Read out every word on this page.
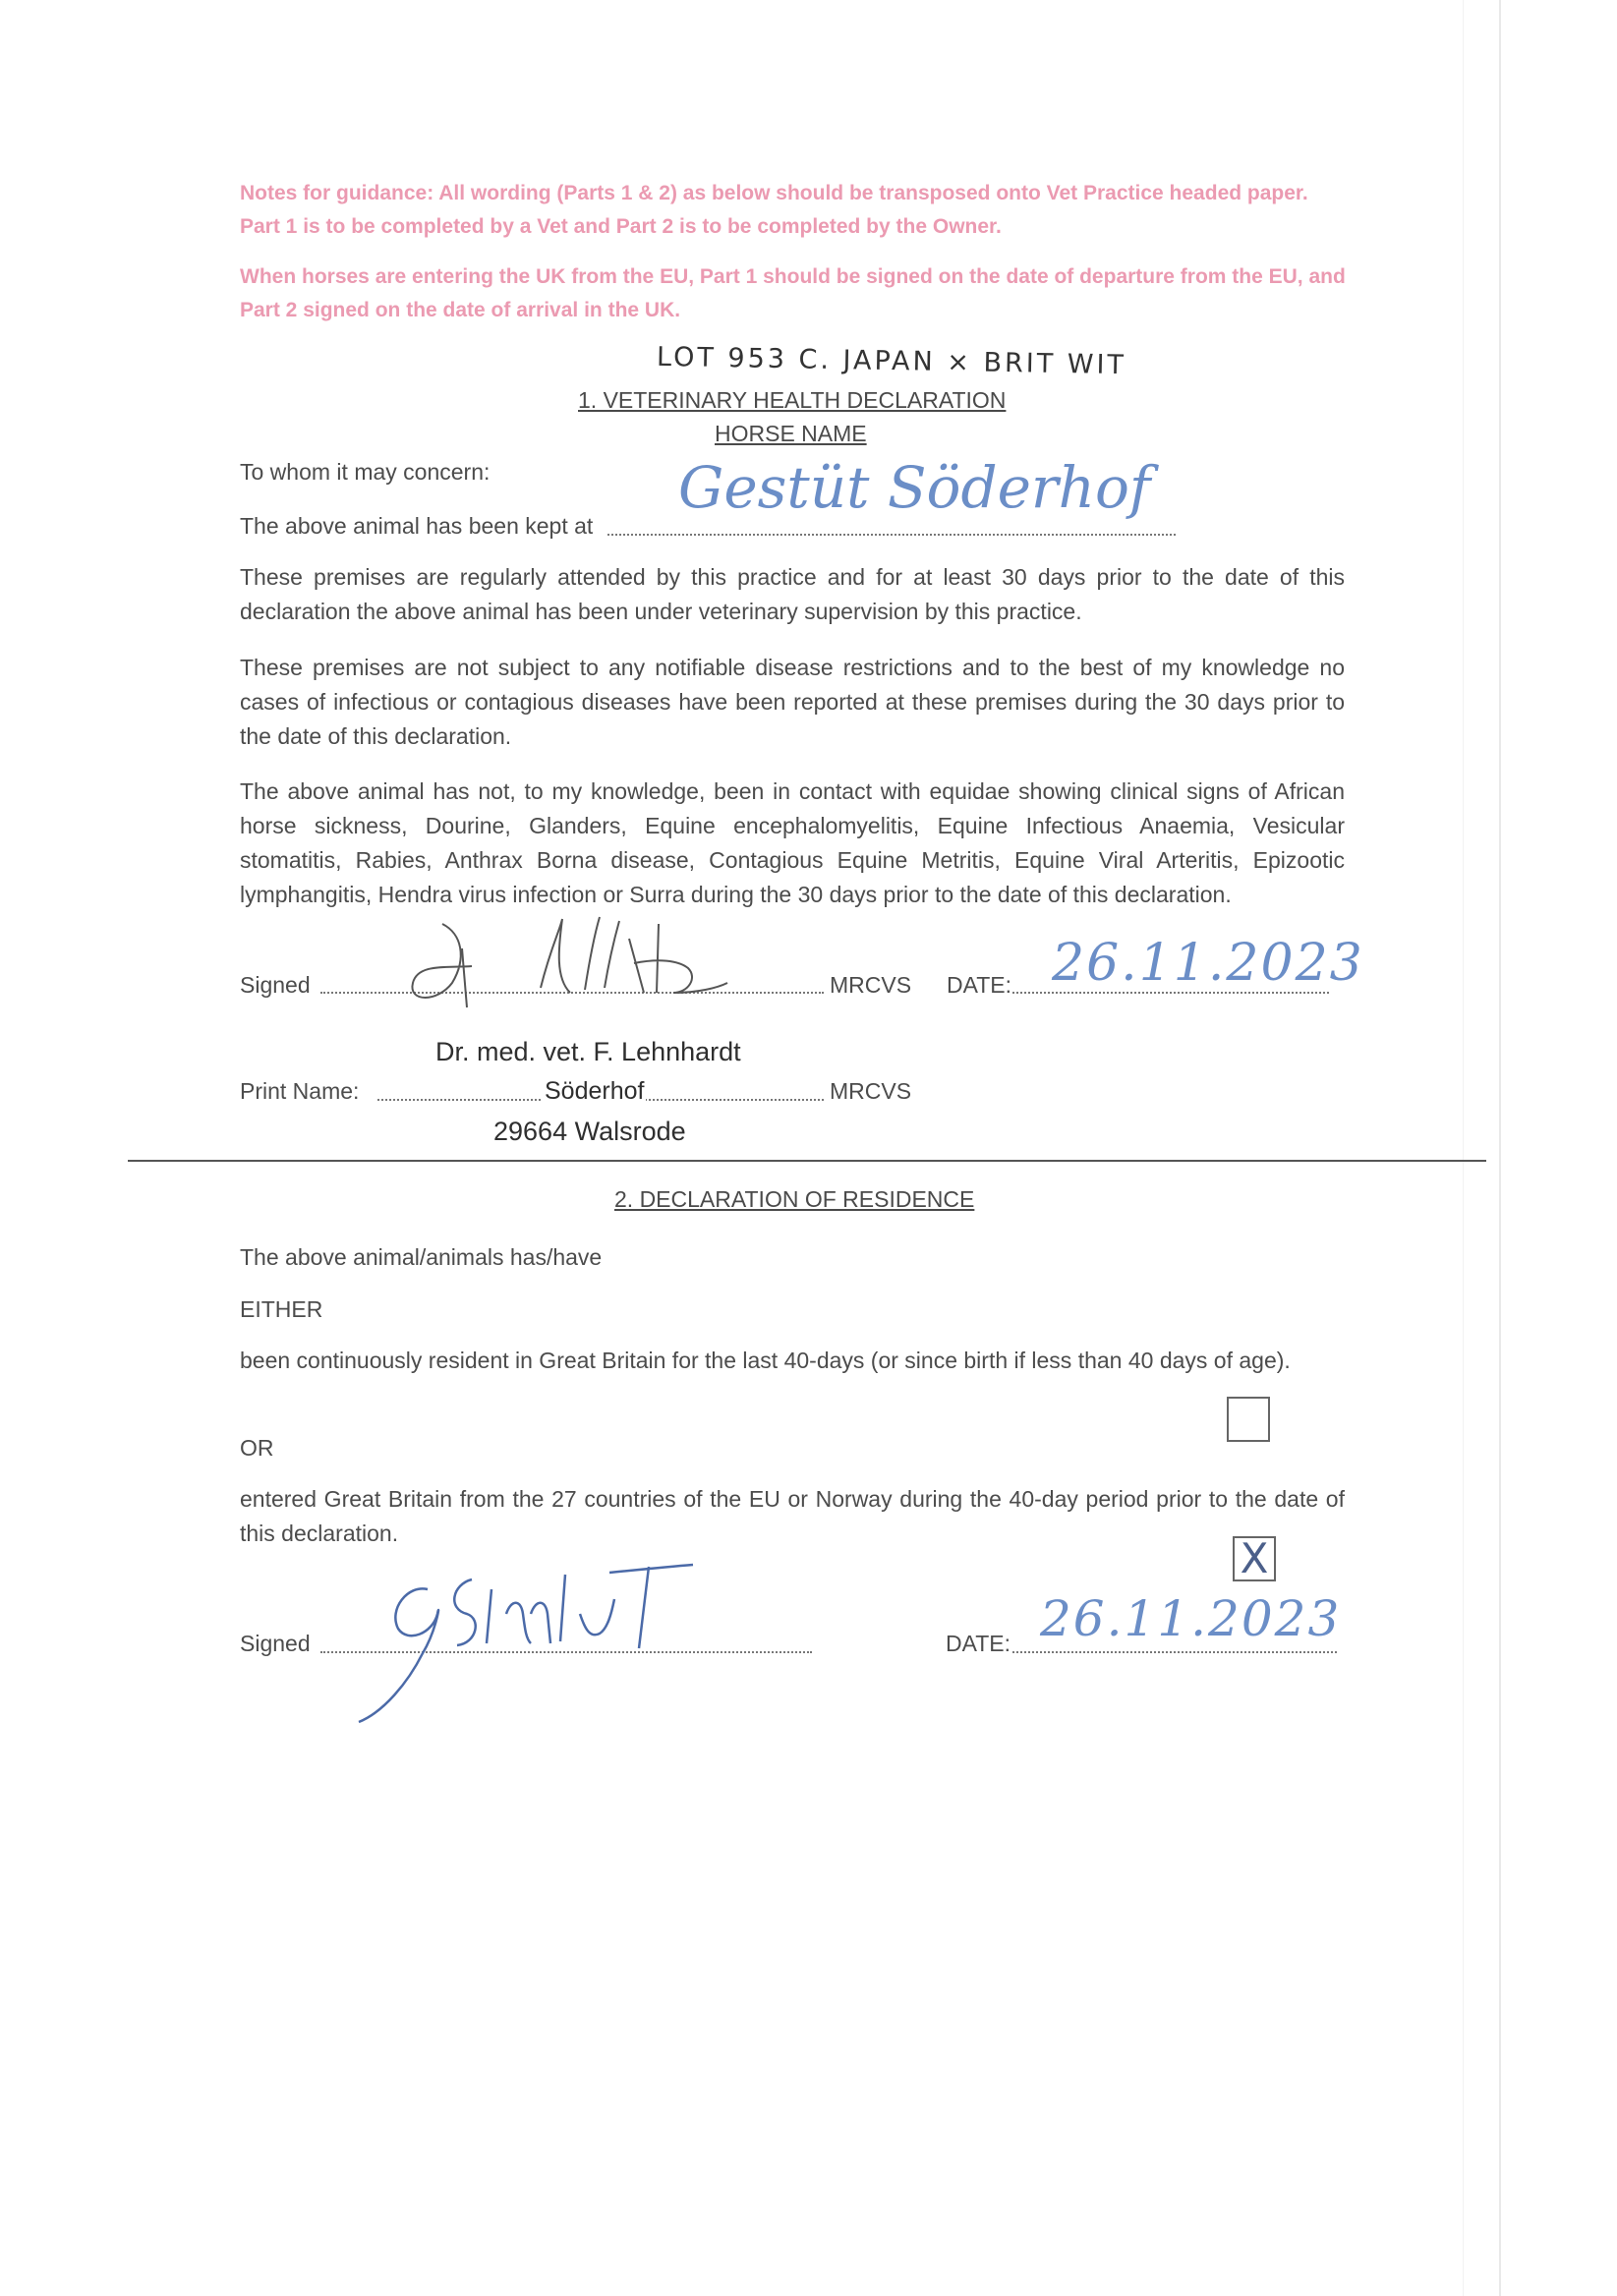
Notes for guidance: All wording (Parts 1 & 2) as below should be transposed onto Vet Practice headed paper. Part 1 is to be completed by a Vet and Part 2 is to be completed by the Owner.
When horses are entering the UK from the EU, Part 1 should be signed on the date of departure from the EU, and Part 2 signed on the date of arrival in the UK.
LOT 953 C. JAPAN × BRIT WIT
1. VETERINARY HEALTH DECLARATION
HORSE NAME
To whom it may concern:
The above animal has been kept at
Gestüt Söderhof
These premises are regularly attended by this practice and for at least 30 days prior to the date of this declaration the above animal has been under veterinary supervision by this practice.
These premises are not subject to any notifiable disease restrictions and to the best of my knowledge no cases of infectious or contagious diseases have been reported at these premises during the 30 days prior to the date of this declaration.
The above animal has not, to my knowledge, been in contact with equidae showing clinical signs of African horse sickness, Dourine, Glanders, Equine encephalomyelitis, Equine Infectious Anaemia, Vesicular stomatitis, Rabies, Anthrax Borna disease, Contagious Equine Metritis, Equine Viral Arteritis, Epizootic lymphangitis, Hendra virus infection or Surra during the 30 days prior to the date of this declaration.
Signed	MRCVS DATE: 26.11.2023
Dr. med. vet. F. Lehnhardt
Print Name:	Söderhof	MRCVS
29664 Walsrode
2. DECLARATION OF RESIDENCE
The above animal/animals has/have
EITHER
been continuously resident in Great Britain for the last 40-days (or since birth if less than 40 days of age).
OR
entered Great Britain from the 27 countries of the EU or Norway during the 40-day period prior to the date of this declaration.
X
Signed	DATE: 26.11.2023
